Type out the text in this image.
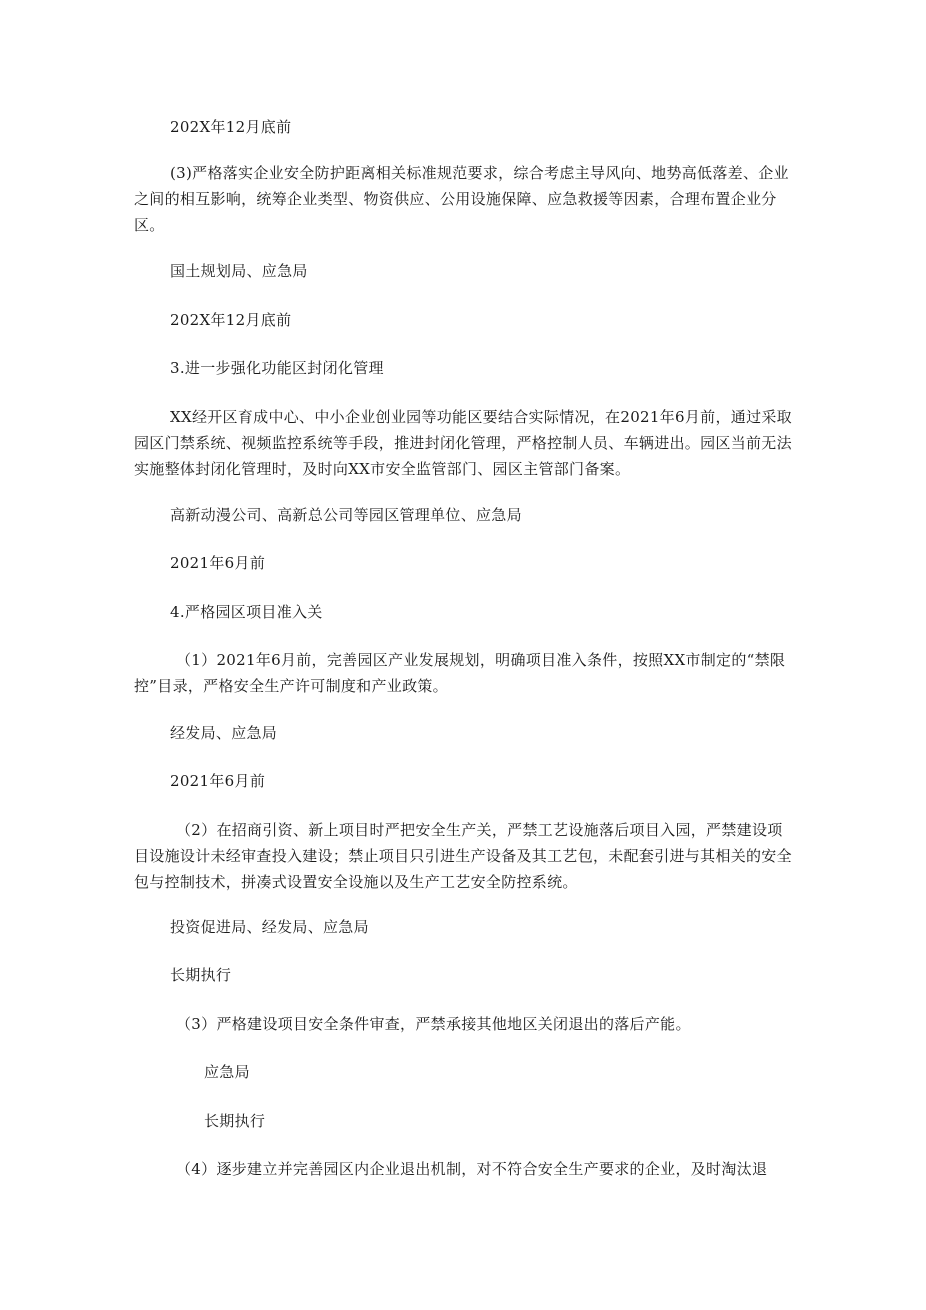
202X年12月底前
(3)严格落实企业安全防护距离相关标准规范要求，综合考虑主导风向、地势高低落差、企业之间的相互影响，统筹企业类型、物资供应、公用设施保障、应急救援等因素，合理布置企业分区。
国土规划局、应急局
202X年12月底前
3.进一步强化功能区封闭化管理
XX经开区育成中心、中小企业创业园等功能区要结合实际情况，在2021年6月前，通过采取园区门禁系统、视频监控系统等手段，推进封闭化管理，严格控制人员、车辆进出。园区当前无法实施整体封闭化管理时，及时向XX市安全监管部门、园区主管部门备案。
高新动漫公司、高新总公司等园区管理单位、应急局
2021年6月前
4.严格园区项目准入关
（1）2021年6月前，完善园区产业发展规划，明确项目准入条件，按照XX市制定的“禁限控”目录，严格安全生产许可制度和产业政策。
经发局、应急局
2021年6月前
（2）在招商引资、新上项目时严把安全生产关，严禁工艺设施落后项目入园，严禁建设项目设施设计未经审查投入建设；禁止项目只引进生产设备及其工艺包，未配套引进与其相关的安全包与控制技术，拼凑式设置安全设施以及生产工艺安全防控系统。
投资促进局、经发局、应急局
长期执行
（3）严格建设项目安全条件审查，严禁承接其他地区关闭退出的落后产能。
应急局
长期执行
（4）逐步建立并完善园区内企业退出机制，对不符合安全生产要求的企业，及时淘汰退
